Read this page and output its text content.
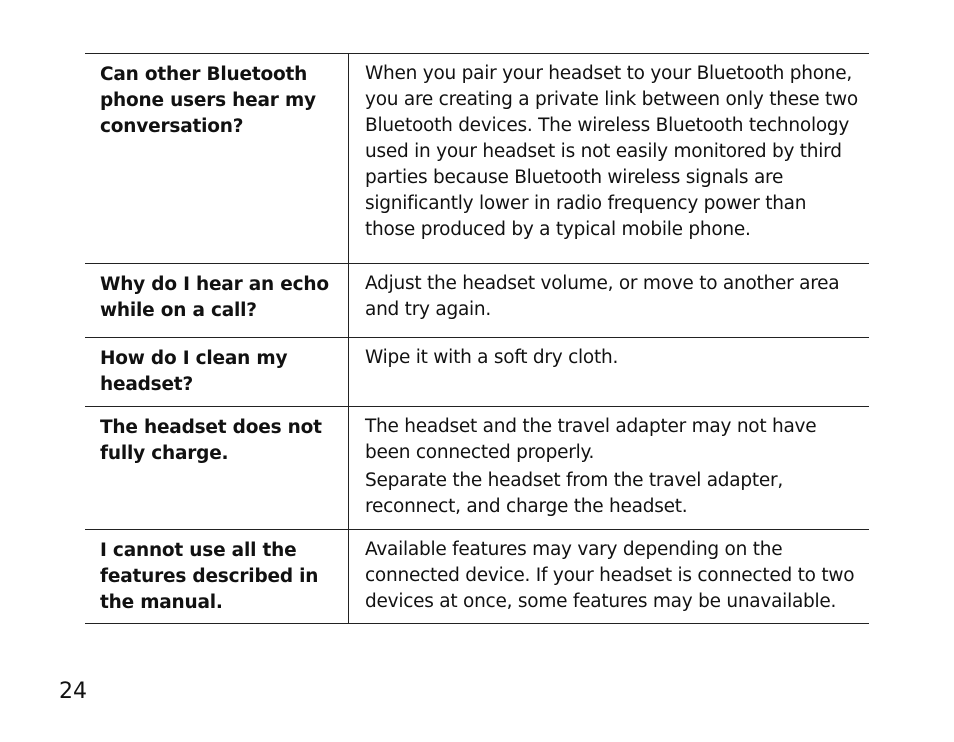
Can other Bluetooth phone users hear my conversation?

When you pair your headset to your Bluetooth phone, you are creating a private link between only these two Bluetooth devices. The wireless Bluetooth technology used in your headset is not easily monitored by third parties because Bluetooth wireless signals are significantly lower in radio frequency power than those produced by a typical mobile phone.

Why do I hear an echo while on a call?

Adjust the headset volume, or move to another area and try again.

How do I clean my headset?

Wipe it with a soft dry cloth.

The headset does not fully charge.

The headset and the travel adapter may not have been connected properly.

Separate the headset from the travel adapter, reconnect, and charge the headset.

I cannot use all the features described in the manual.

Available features may vary depending on the connected device. If your headset is connected to two devices at once, some features may be unavailable.

24
